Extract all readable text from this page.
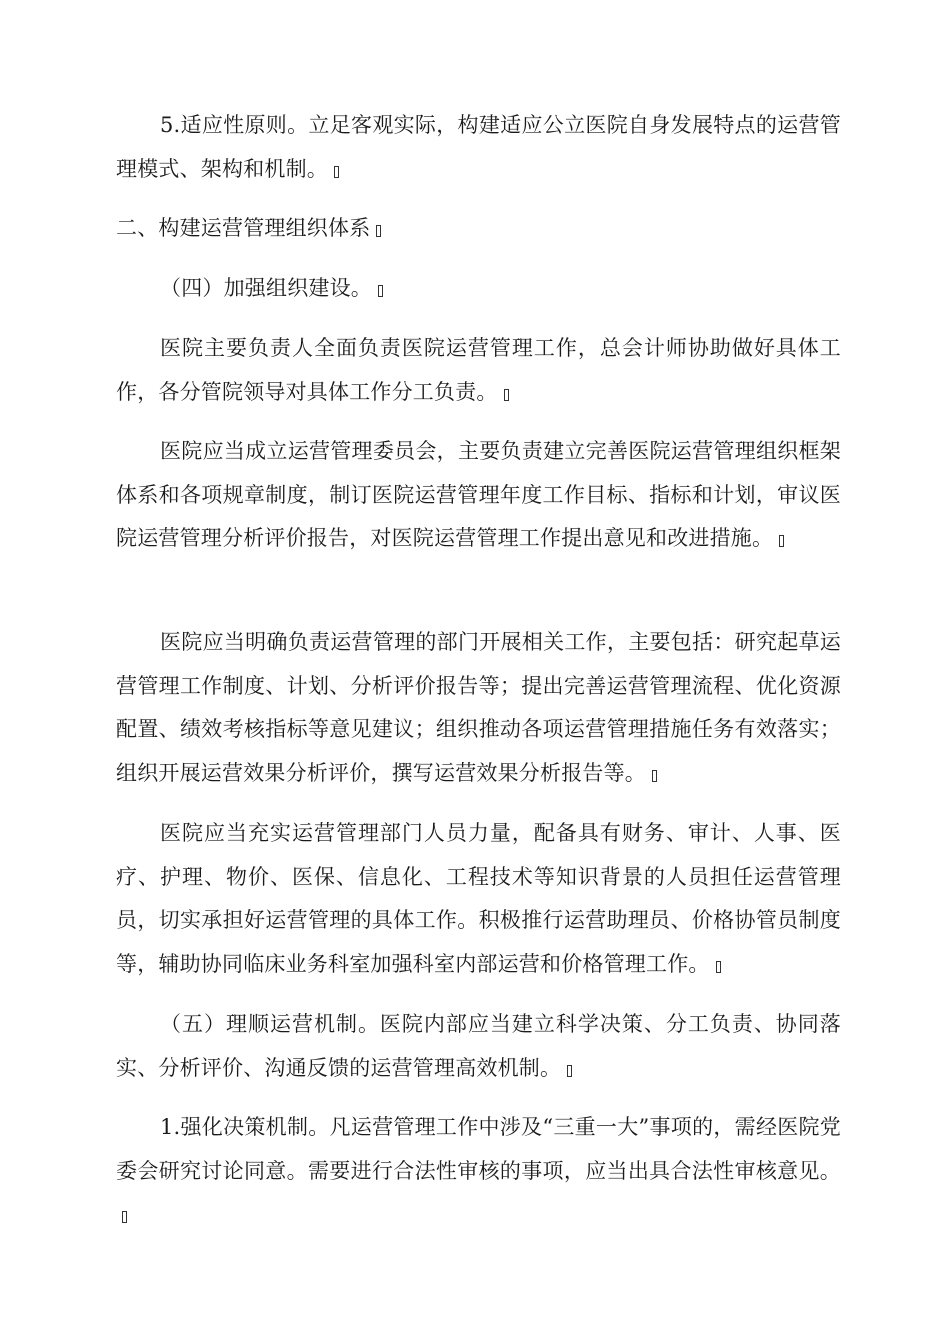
5.适应性原则。立足客观实际，构建适应公立医院自身发展特点的运营管理模式、架构和机制。

二、构建运营管理组织体系

（四）加强组织建设。

医院主要负责人全面负责医院运营管理工作，总会计师协助做好具体工作，各分管院领导对具体工作分工负责。

医院应当成立运营管理委员会，主要负责建立完善医院运营管理组织框架体系和各项规章制度，制订医院运营管理年度工作目标、指标和计划，审议医院运营管理分析评价报告，对医院运营管理工作提出意见和改进措施。

医院应当明确负责运营管理的部门开展相关工作，主要包括：研究起草运营管理工作制度、计划、分析评价报告等；提出完善运营管理流程、优化资源配置、绩效考核指标等意见建议；组织推动各项运营管理措施任务有效落实；组织开展运营效果分析评价，撰写运营效果分析报告等。

医院应当充实运营管理部门人员力量，配备具有财务、审计、人事、医疗、护理、物价、医保、信息化、工程技术等知识背景的人员担任运营管理员，切实承担好运营管理的具体工作。积极推行运营助理员、价格协管员制度等，辅助协同临床业务科室加强科室内部运营和价格管理工作。

（五）理顺运营机制。医院内部应当建立科学决策、分工负责、协同落实、分析评价、沟通反馈的运营管理高效机制。

1.强化决策机制。凡运营管理工作中涉及“三重一大”事项的，需经医院党委会研究讨论同意。需要进行合法性审核的事项，应当出具合法性审核意见。
